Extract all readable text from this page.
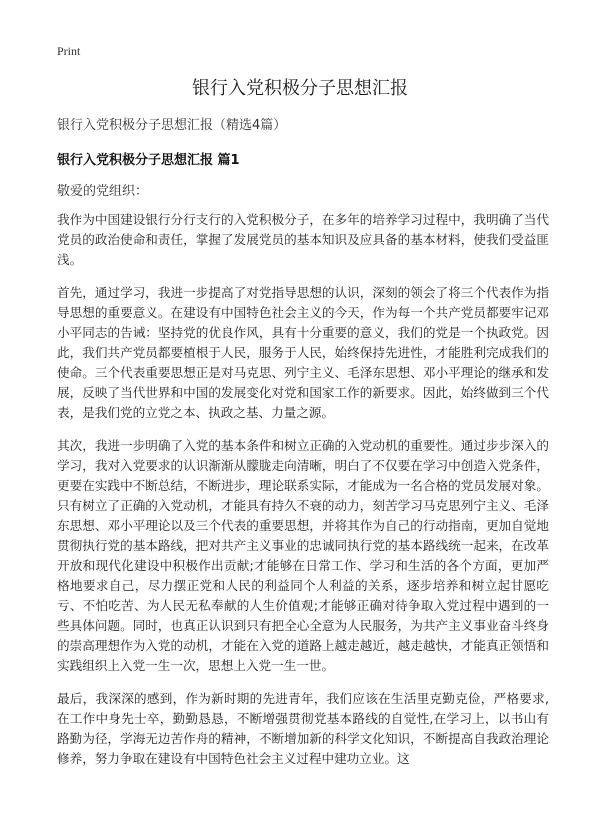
Print
银行入党积极分子思想汇报
银行入党积极分子思想汇报（精选4篇）
银行入党积极分子思想汇报 篇1
敬爱的党组织：

我作为中国建设银行分行支行的入党积极分子，在多年的培养学习过程中，我明确了当代党员的政治使命和责任，掌握了发展党员的基本知识及应具备的基本材料，使我们受益匪浅。

首先，通过学习，我进一步提高了对党指导思想的认识，深刻的领会了将三个代表作为指导思想的重要意义。在建设有中国特色社会主义的今天，作为每一个共产党员都要牢记邓小平同志的告诫：坚持党的优良作风，具有十分重要的意义，我们的党是一个执政党。因此，我们共产党员都要植根于人民，服务于人民，始终保持先进性，才能胜利完成我们的使命。三个代表重要思想正是对马克思、列宁主义、毛泽东思想、邓小平理论的继承和发展，反映了当代世界和中国的发展变化对党和国家工作的新要求。因此，始终做到三个代表，是我们党的立党之本、执政之基、力量之源。

其次，我进一步明确了入党的基本条件和树立正确的入党动机的重要性。通过步步深入的学习，我对入党要求的认识渐渐从朦胧走向清晰，明白了不仅要在学习中创造入党条件，更要在实践中不断总结，不断进步，理论联系实际，才能成为一名合格的党员发展对象。只有树立了正确的入党动机，才能具有持久不衰的动力，刻苦学习马克思列宁主义、毛泽东思想、邓小平理论以及三个代表的重要思想，并将其作为自己的行动指南，更加自觉地贯彻执行党的基本路线，把对共产主义事业的忠诚同执行党的基本路线统一起来，在改革开放和现代化建设中积极作出贡献;才能够在日常工作、学习和生活的各个方面，更加严格地要求自己，尽力摆正党和人民的利益同个人利益的关系，逐步培养和树立起甘愿吃亏、不怕吃苦、为人民无私奉献的人生价值观;才能够正确对待争取入党过程中遇到的一些具体问题。同时，也真正认识到只有把全心全意为人民服务，为共产主义事业奋斗终身的崇高理想作为入党的动机，才能在入党的道路上越走越近，越走越快，才能真正领悟和实践组织上入党一生一次，思想上入党一生一世。

最后，我深深的感到，作为新时期的先进青年，我们应该在生活里克勤克俭，严格要求,在工作中身先士卒，勤勤恳恳，不断增强贯彻党基本路线的自觉性,在学习上，以书山有路勤为径，学海无边苦作舟的精神，不断增加新的科学文化知识，不断提高自我政治理论修养，努力争取在建设有中国特色社会主义过程中建功立业。这
